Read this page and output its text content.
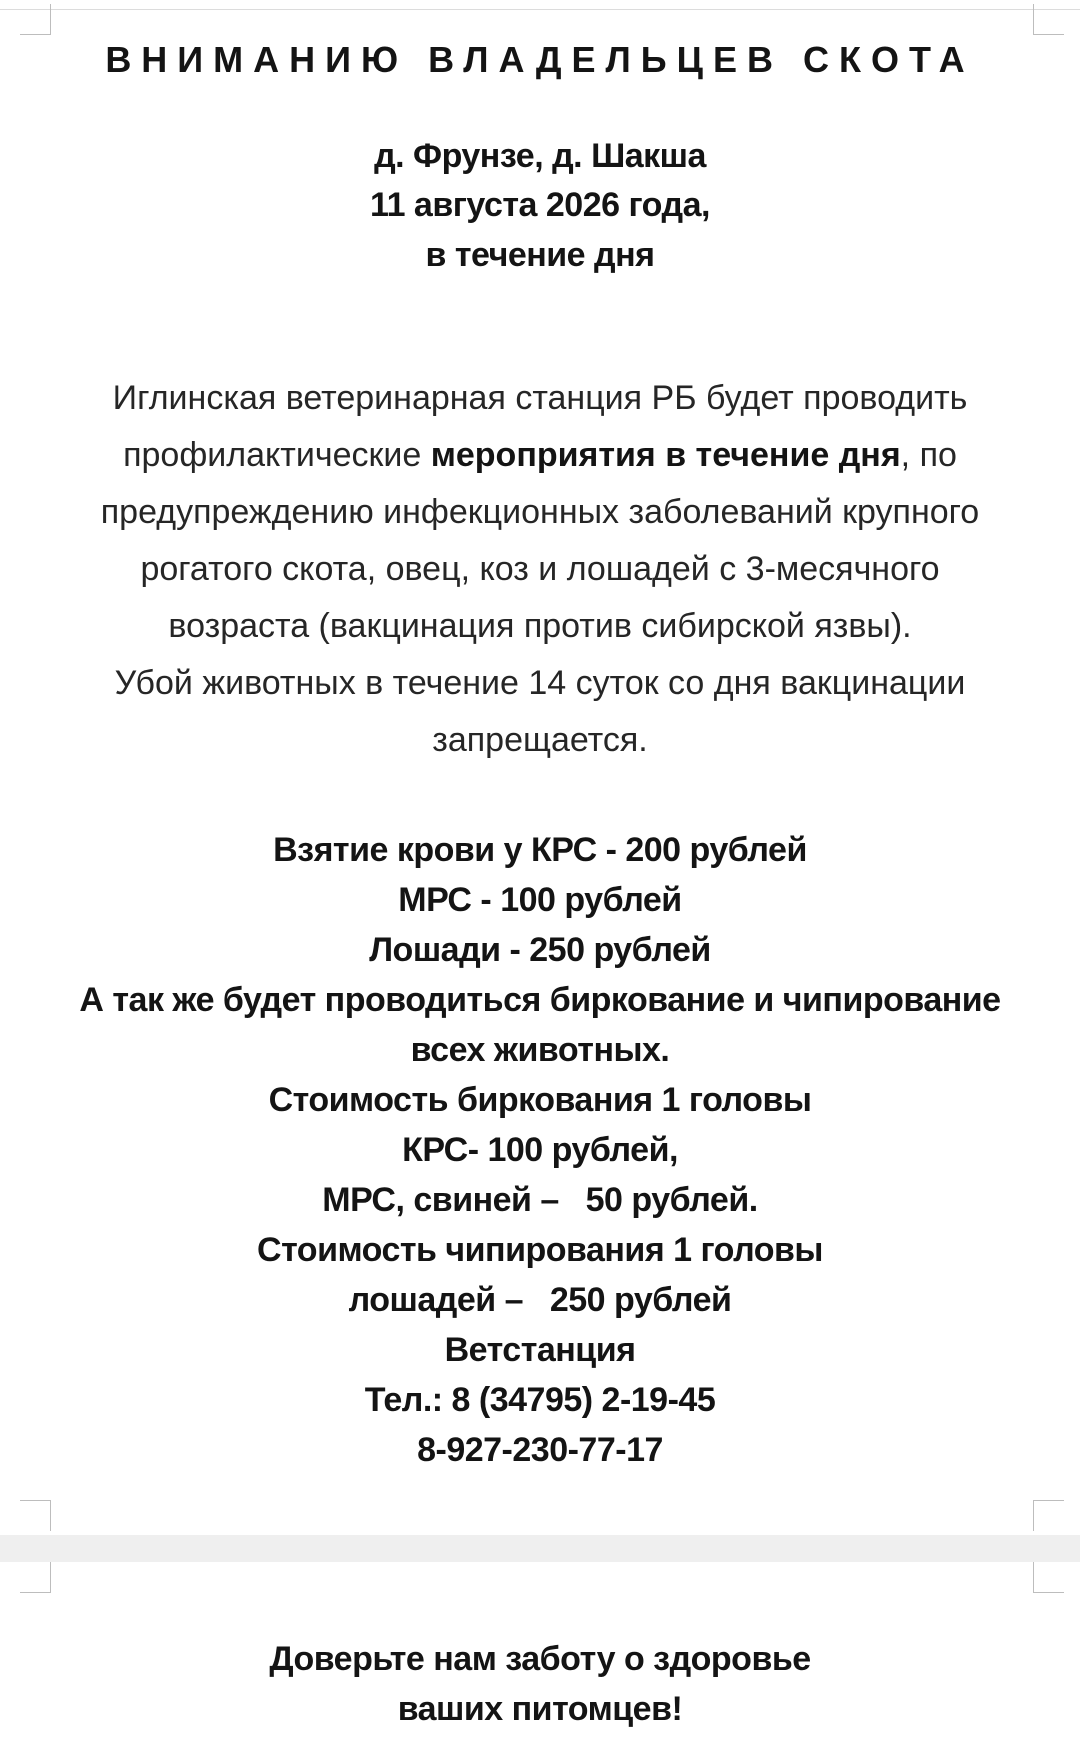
ВНИМАНИЮ ВЛАДЕЛЬЦЕВ СКОТА
д. Фрунзе, д. Шакша
11 августа 2026 года,
в течение дня
Иглинская ветеринарная станция РБ будет проводить
профилактические мероприятия в течение дня, по
предупреждению инфекционных заболеваний крупного
рогатого скота, овец, коз и лошадей с 3-месячного
возраста (вакцинация против сибирской язвы).
Убой животных в течение 14 суток со дня вакцинации
запрещается.
Взятие крови у КРС - 200 рублей
МРС - 100 рублей
Лошади - 250 рублей
А так же будет проводиться биркование и чипирование
всех животных.
Стоимость биркования 1 головы
КРС- 100 рублей,
МРС, свиней –   50 рублей.
Стоимость чипирования 1 головы
лошадей –   250 рублей
Ветстанция
Тел.: 8 (34795) 2-19-45
8-927-230-77-17
Доверьте нам заботу о здоровье
ваших питомцев!
